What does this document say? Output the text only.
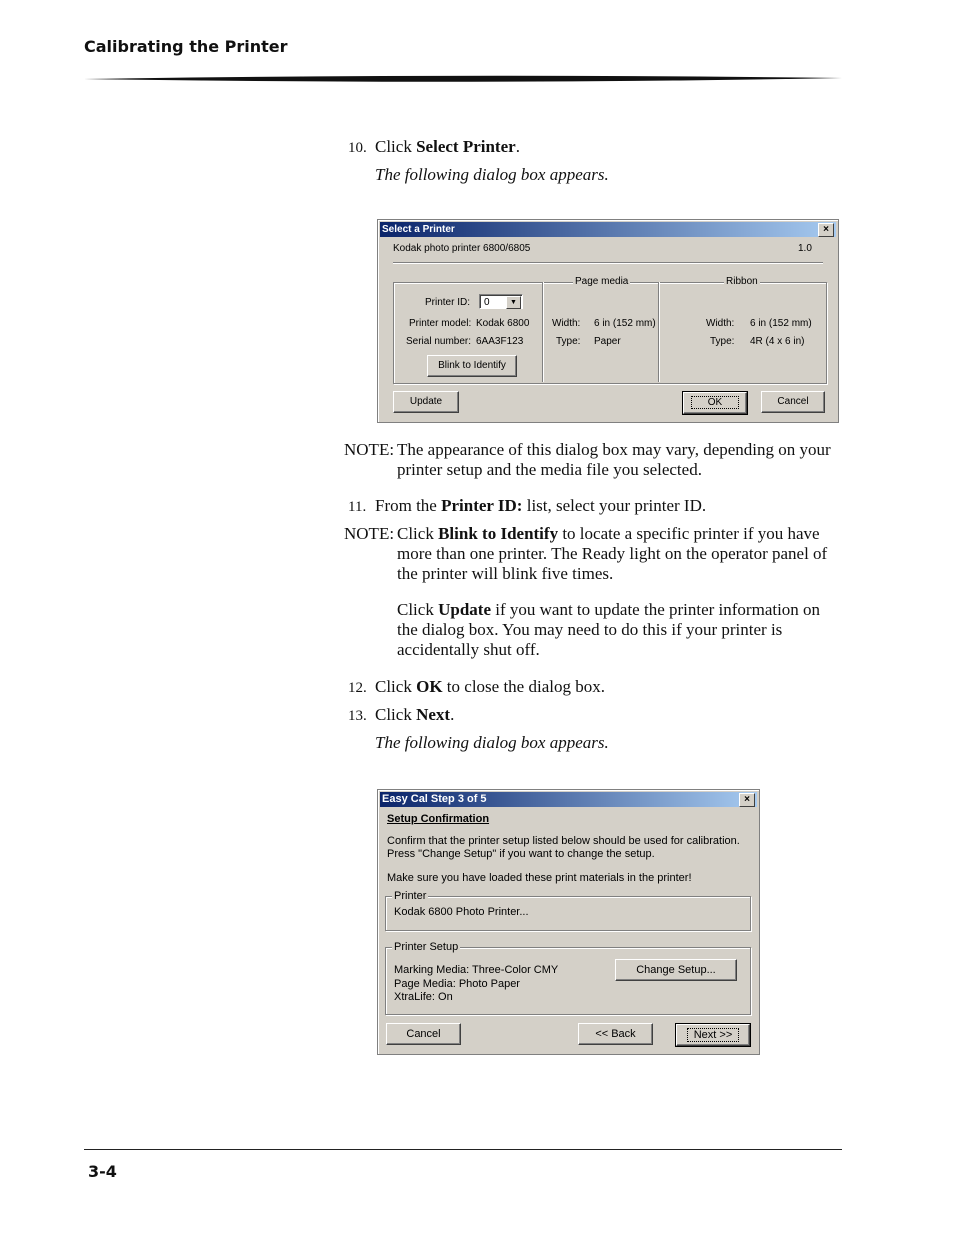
Calibrating the Printer
10. Click Select Printer.
The following dialog box appears.
Select a Printer	×
Kodak photo printer 6800/6805	1.0
Printer ID:	0	▼
Printer model: Kodak 6800
Serial number: 6AA3F123
Blink to Identify
Page media
Width: 6 in (152 mm)
Type: Paper
Ribbon
Width: 6 in (152 mm)
Type: 4R (4 x 6 in)
Update	OK	Cancel
NOTE: The appearance of this dialog box may vary, depending on your printer setup and the media file you selected.
11. From the Printer ID: list, select your printer ID.
NOTE: Click Blink to Identify to locate a specific printer if you have more than one printer. The Ready light on the operator panel of the printer will blink five times.
Click Update if you want to update the printer information on the dialog box. You may need to do this if your printer is accidentally shut off.
12. Click OK to close the dialog box.
13. Click Next.
The following dialog box appears.
Easy Cal Step 3 of 5	×
Setup Confirmation
Confirm that the printer setup listed below should be used for calibration.
Press "Change Setup" if you want to change the setup.
Make sure you have loaded these print materials in the printer!
Printer
Kodak 6800 Photo Printer...
Printer Setup
Marking Media: Three-Color CMY
Page Media: Photo Paper
XtraLife: On
Change Setup...
Cancel	<< Back	Next >>
3-4
